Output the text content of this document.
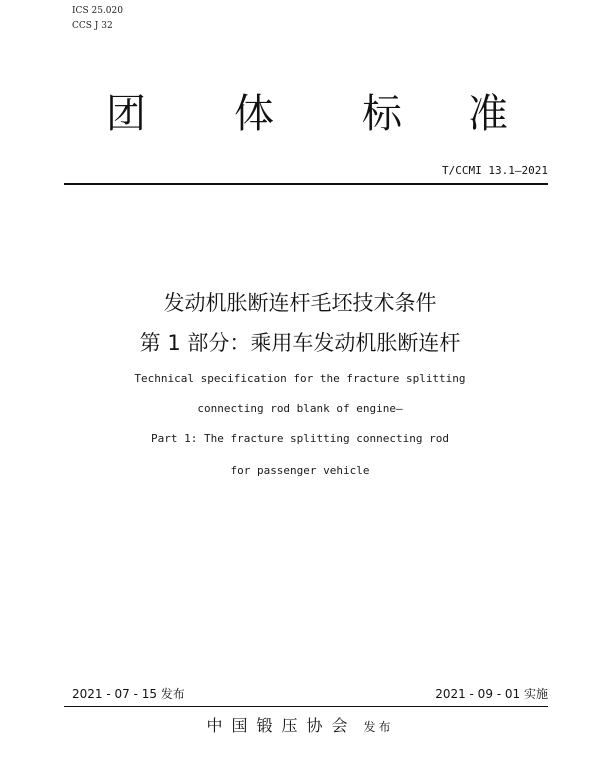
ICS 25.020
CCS J 32
团 体 标 准
T/CCMI 13.1—2021
发动机胀断连杆毛坯技术条件
第 1 部分：乘用车发动机胀断连杆
Technical specification for the fracture splitting
connecting rod blank of engine—
Part 1: The fracture splitting connecting rod
for passenger vehicle
2021 - 07 - 15 发布	2021 - 09 - 01 实施
中国锻压协会 发布
